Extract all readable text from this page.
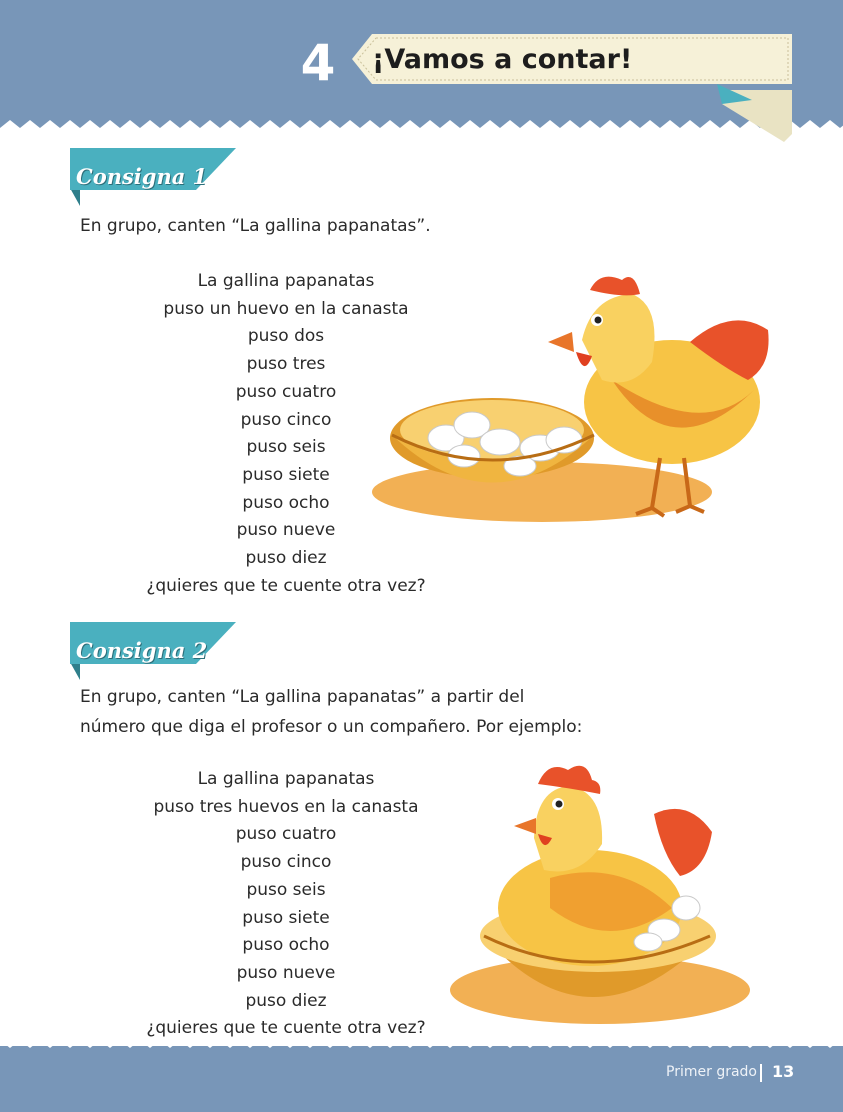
4 ¡Vamos a contar!
Consigna 1

En grupo, canten “La gallina papanatas”.

La gallina papanatas
puso un huevo en la canasta
puso dos
puso tres
puso cuatro
puso cinco
puso seis
puso siete
puso ocho
puso nueve
puso diez
¿quieres que te cuente otra vez?
Consigna 2

En grupo, canten “La gallina papanatas” a partir del

número que diga el profesor o un compañero. Por ejemplo:

La gallina papanatas
puso tres huevos en la canasta
puso cuatro
puso cinco
puso seis
puso siete
puso ocho
puso nueve
puso diez
¿quieres que te cuente otra vez?
Primer grado 13
